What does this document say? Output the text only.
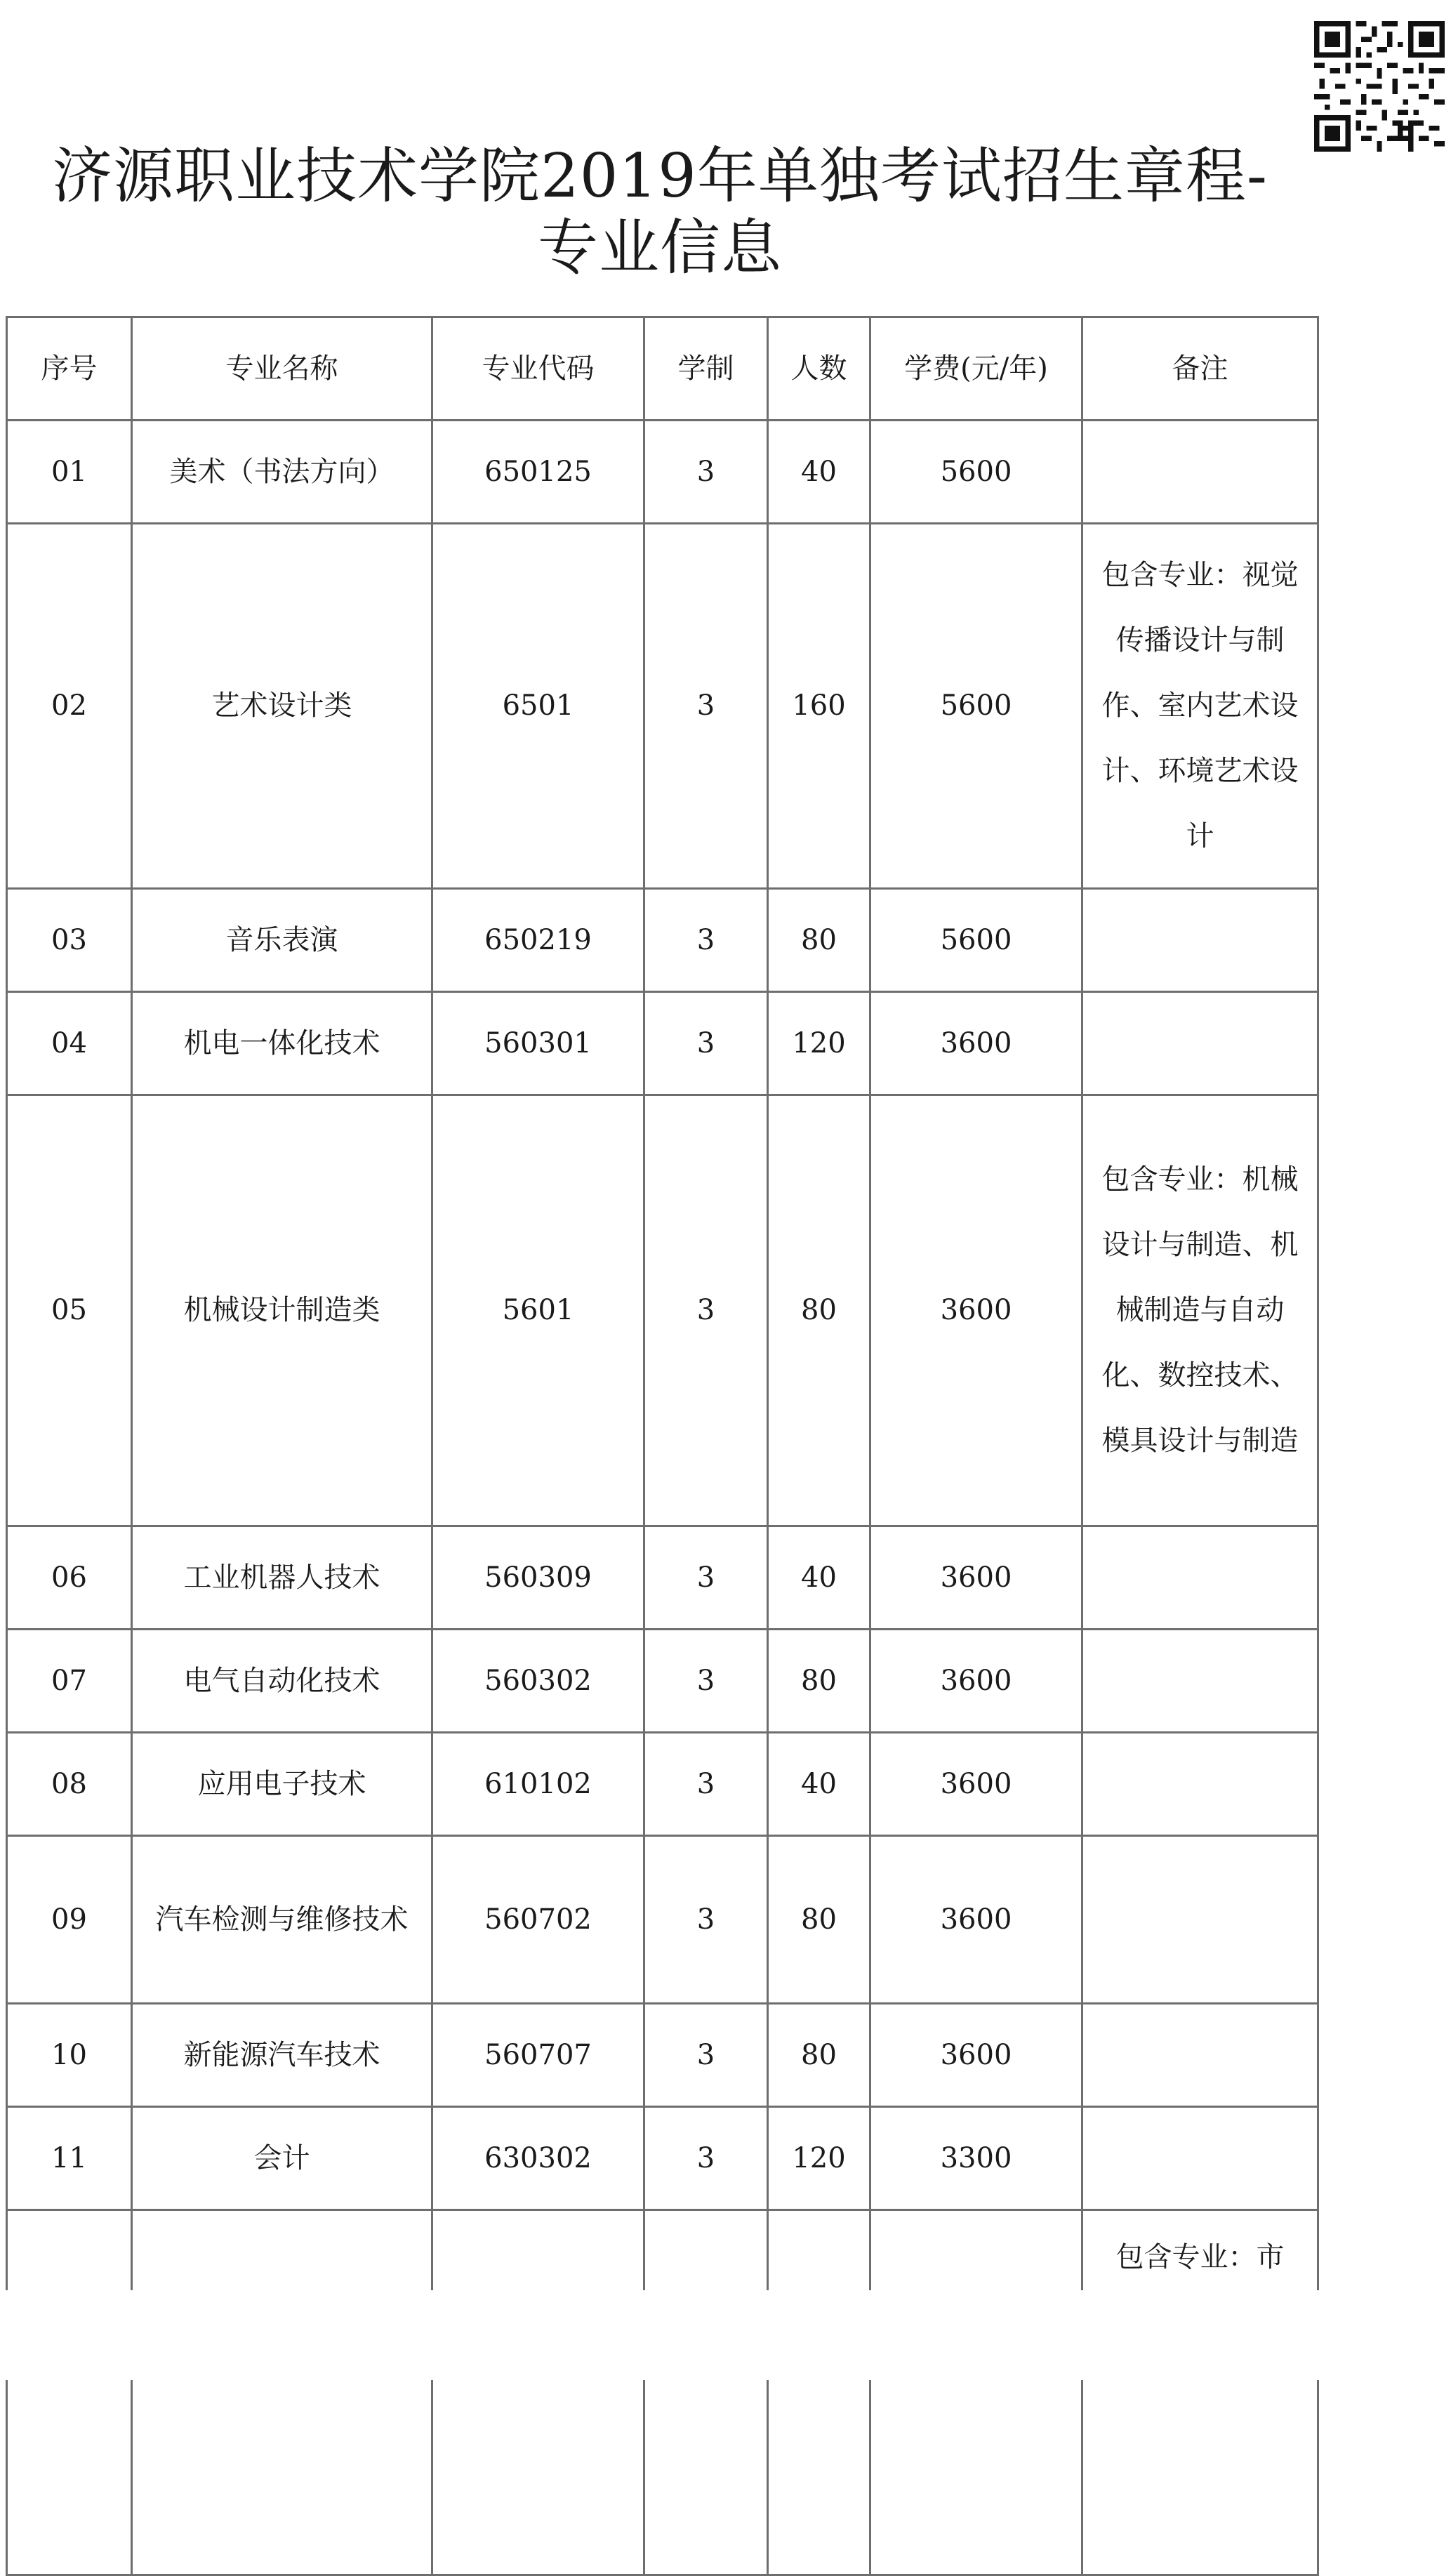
济源职业技术学院2019年单独考试招生章程-
专业信息
序号	专业名称	专业代码	学制	人数	学费(元/年)	备注
01	美术（书法方向）	650125	3	40	5600	
02	艺术设计类	6501	3	160	5600	包含专业：视觉传播设计与制作、室内艺术设计、环境艺术设计
03	音乐表演	650219	3	80	5600	
04	机电一体化技术	560301	3	120	3600	
05	机械设计制造类	5601	3	80	3600	包含专业：机械设计与制造、机械制造与自动化、数控技术、模具设计与制造
06	工业机器人技术	560309	3	40	3600	
07	电气自动化技术	560302	3	80	3600	
08	应用电子技术	610102	3	40	3600	
09	汽车检测与维修技术	560702	3	80	3600	
10	新能源汽车技术	560707	3	80	3600	
11	会计	630302	3	120	3300	
						包含专业：市
